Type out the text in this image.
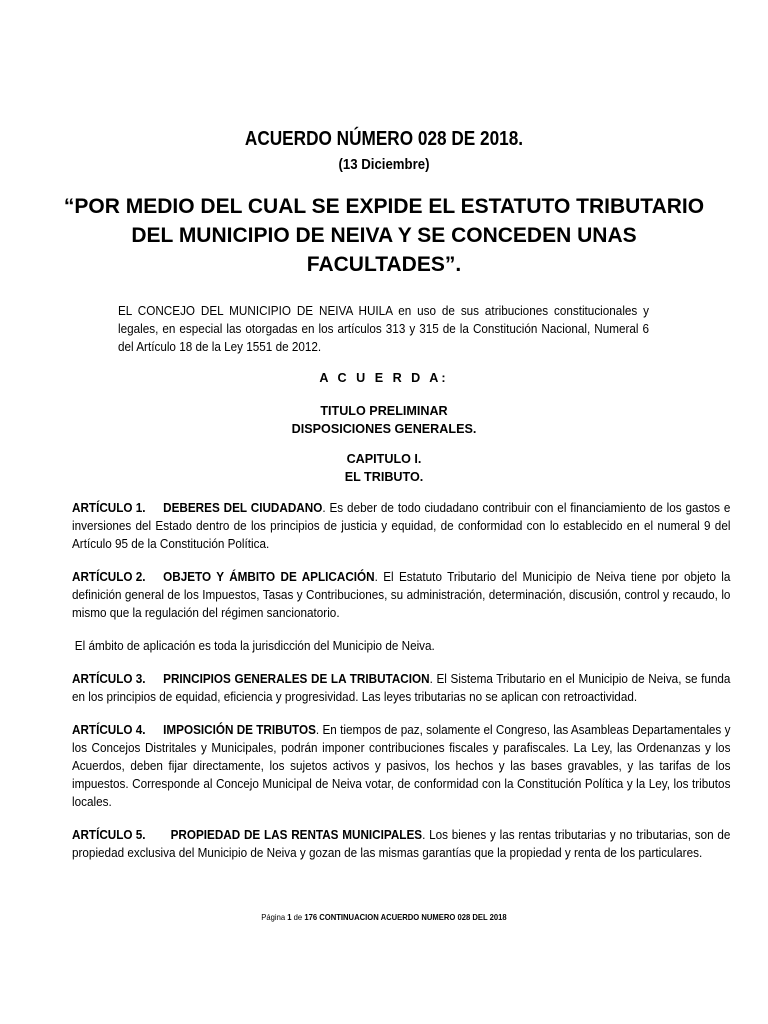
ACUERDO NÚMERO 028 DE 2018.
(13 Diciembre)
“POR MEDIO DEL CUAL SE EXPIDE EL ESTATUTO TRIBUTARIO
DEL MUNICIPIO DE NEIVA Y SE CONCEDEN UNAS
FACULTADES”.
EL CONCEJO DEL MUNICIPIO DE NEIVA HUILA en uso de sus atribuciones constitucionales y legales, en especial las otorgadas en los artículos 313 y 315 de la Constitución Nacional, Numeral 6 del Artículo 18 de la Ley 1551 de 2012.
A C U E R D A:
TITULO PRELIMINAR
DISPOSICIONES GENERALES.
CAPITULO I.
EL TRIBUTO.

ARTÍCULO 1. DEBERES DEL CIUDADANO. Es deber de todo ciudadano contribuir con el financiamiento de los gastos e inversiones del Estado dentro de los principios de justicia y equidad, de conformidad con lo establecido en el numeral 9 del Artículo 95 de la Constitución Política.

ARTÍCULO 2. OBJETO Y ÁMBITO DE APLICACIÓN. El Estatuto Tributario del Municipio de Neiva tiene por objeto la definición general de los Impuestos, Tasas y Contribuciones, su administración, determinación, discusión, control y recaudo, lo mismo que la regulación del régimen sancionatorio.

El ámbito de aplicación es toda la jurisdicción del Municipio de Neiva.

ARTÍCULO 3. PRINCIPIOS GENERALES DE LA TRIBUTACION. El Sistema Tributario en el Municipio de Neiva, se funda en los principios de equidad, eficiencia y progresividad. Las leyes tributarias no se aplican con retroactividad.

ARTÍCULO 4. IMPOSICIÓN DE TRIBUTOS. En tiempos de paz, solamente el Congreso, las Asambleas Departamentales y los Concejos Distritales y Municipales, podrán imponer contribuciones fiscales y parafiscales. La Ley, las Ordenanzas y los Acuerdos, deben fijar directamente, los sujetos activos y pasivos, los hechos y las bases gravables, y las tarifas de los impuestos. Corresponde al Concejo Municipal de Neiva votar, de conformidad con la Constitución Política y la Ley, los tributos locales.

ARTÍCULO 5. PROPIEDAD DE LAS RENTAS MUNICIPALES. Los bienes y las rentas tributarias y no tributarias, son de propiedad exclusiva del Municipio de Neiva y gozan de las mismas garantías que la propiedad y renta de los particulares.

Página 1 de 176 CONTINUACION ACUERDO NUMERO 028 DEL 2018
